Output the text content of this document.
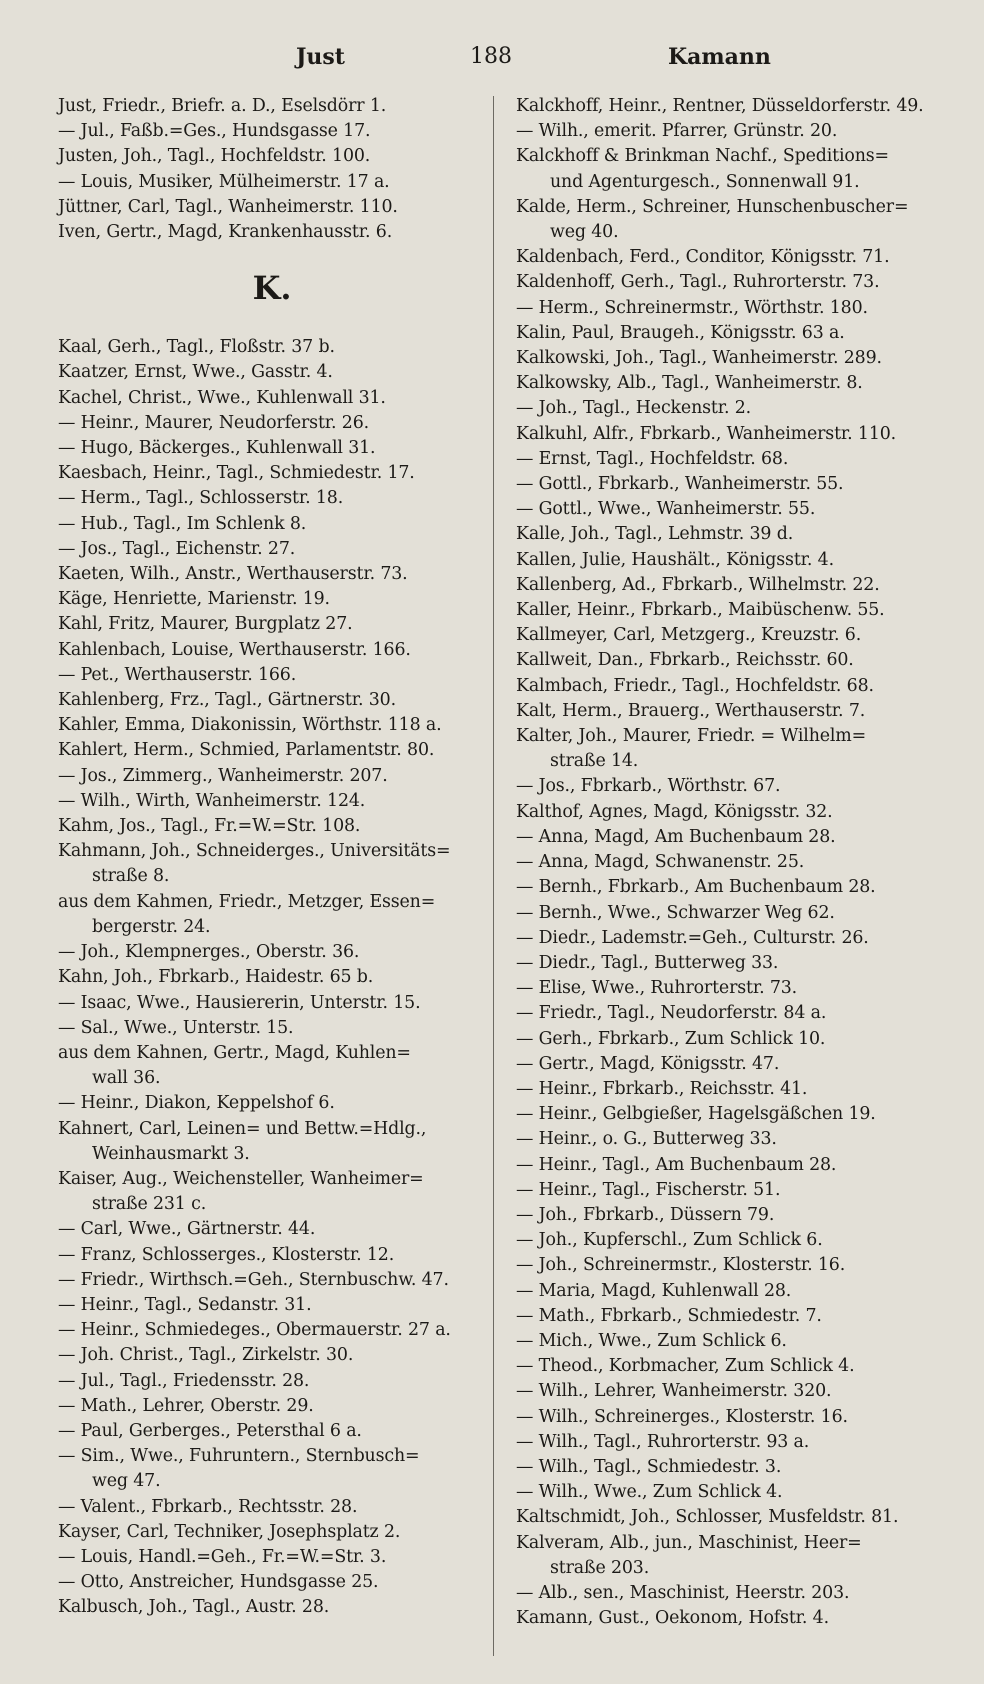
Just	188	Kamann
Just, Friedr., Briefr. a. D., Eselsdörr 1.
— Jul., Faßb.=Ges., Hundsgasse 17.
Justen, Joh., Tagl., Hochfeldstr. 100.
— Louis, Musiker, Mülheimerstr. 17 a.
Jüttner, Carl, Tagl., Wanheimerstr. 110.
Iven, Gertr., Magd, Krankenhausstr. 6.
K.
Kaal, Gerh., Tagl., Floßstr. 37 b.
Kaatzer, Ernst, Wwe., Gasstr. 4.
Kachel, Christ., Wwe., Kuhlenwall 31.
— Heinr., Maurer, Neudorferstr. 26.
— Hugo, Bäckerges., Kuhlenwall 31.
Kaesbach, Heinr., Tagl., Schmiedestr. 17.
— Herm., Tagl., Schlosserstr. 18.
— Hub., Tagl., Im Schlenk 8.
— Jos., Tagl., Eichenstr. 27.
Kaeten, Wilh., Anstr., Werthauserstr. 73.
Käge, Henriette, Marienstr. 19.
Kahl, Fritz, Maurer, Burgplatz 27.
Kahlenbach, Louise, Werthauserstr. 166.
— Pet., Werthauserstr. 166.
Kahlenberg, Frz., Tagl., Gärtnerstr. 30.
Kahler, Emma, Diakonissin, Wörthstr. 118 a.
Kahlert, Herm., Schmied, Parlamentstr. 80.
— Jos., Zimmerg., Wanheimerstr. 207.
— Wilh., Wirth, Wanheimerstr. 124.
Kahm, Jos., Tagl., Fr.=W.=Str. 108.
Kahmann, Joh., Schneiderges., Universitäts=
straße 8.
aus dem Kahmen, Friedr., Metzger, Essen=
bergerstr. 24.
— Joh., Klempnerges., Oberstr. 36.
Kahn, Joh., Fbrkarb., Haidestr. 65 b.
— Isaac, Wwe., Hausiererin, Unterstr. 15.
— Sal., Wwe., Unterstr. 15.
aus dem Kahnen, Gertr., Magd, Kuhlen=
wall 36.
— Heinr., Diakon, Keppelshof 6.
Kahnert, Carl, Leinen= und Bettw.=Hdlg.,
Weinhausmarkt 3.
Kaiser, Aug., Weichensteller, Wanheimer=
straße 231 c.
— Carl, Wwe., Gärtnerstr. 44.
— Franz, Schlosserges., Klosterstr. 12.
— Friedr., Wirthsch.=Geh., Sternbuschw. 47.
— Heinr., Tagl., Sedanstr. 31.
— Heinr., Schmiedeges., Obermauerstr. 27 a.
— Joh. Christ., Tagl., Zirkelstr. 30.
— Jul., Tagl., Friedensstr. 28.
— Math., Lehrer, Oberstr. 29.
— Paul, Gerberges., Petersthal 6 a.
— Sim., Wwe., Fuhruntern., Sternbusch=
weg 47.
— Valent., Fbrkarb., Rechtsstr. 28.
Kayser, Carl, Techniker, Josephsplatz 2.
— Louis, Handl.=Geh., Fr.=W.=Str. 3.
— Otto, Anstreicher, Hundsgasse 25.
Kalbusch, Joh., Tagl., Austr. 28.
Kalckhoff, Heinr., Rentner, Düsseldorferstr. 49.
— Wilh., emerit. Pfarrer, Grünstr. 20.
Kalckhoff & Brinkman Nachf., Speditions=
und Agenturgesch., Sonnenwall 91.
Kalde, Herm., Schreiner, Hunschenbuscher=
weg 40.
Kaldenbach, Ferd., Conditor, Königsstr. 71.
Kaldenhoff, Gerh., Tagl., Ruhrorterstr. 73.
— Herm., Schreinermstr., Wörthstr. 180.
Kalin, Paul, Braugeh., Königsstr. 63 a.
Kalkowski, Joh., Tagl., Wanheimerstr. 289.
Kalkowsky, Alb., Tagl., Wanheimerstr. 8.
— Joh., Tagl., Heckenstr. 2.
Kalkuhl, Alfr., Fbrkarb., Wanheimerstr. 110.
— Ernst, Tagl., Hochfeldstr. 68.
— Gottl., Fbrkarb., Wanheimerstr. 55.
— Gottl., Wwe., Wanheimerstr. 55.
Kalle, Joh., Tagl., Lehmstr. 39 d.
Kallen, Julie, Haushält., Königsstr. 4.
Kallenberg, Ad., Fbrkarb., Wilhelmstr. 22.
Kaller, Heinr., Fbrkarb., Maibüschenw. 55.
Kallmeyer, Carl, Metzgerg., Kreuzstr. 6.
Kallweit, Dan., Fbrkarb., Reichsstr. 60.
Kalmbach, Friedr., Tagl., Hochfeldstr. 68.
Kalt, Herm., Brauerg., Werthauserstr. 7.
Kalter, Joh., Maurer, Friedr. = Wilhelm=
straße 14.
— Jos., Fbrkarb., Wörthstr. 67.
Kalthof, Agnes, Magd, Königsstr. 32.
— Anna, Magd, Am Buchenbaum 28.
— Anna, Magd, Schwanenstr. 25.
— Bernh., Fbrkarb., Am Buchenbaum 28.
— Bernh., Wwe., Schwarzer Weg 62.
— Diedr., Lademstr.=Geh., Culturstr. 26.
— Diedr., Tagl., Butterweg 33.
— Elise, Wwe., Ruhrorterstr. 73.
— Friedr., Tagl., Neudorferstr. 84 a.
— Gerh., Fbrkarb., Zum Schlick 10.
— Gertr., Magd, Königsstr. 47.
— Heinr., Fbrkarb., Reichsstr. 41.
— Heinr., Gelbgießer, Hagelsgäßchen 19.
— Heinr., o. G., Butterweg 33.
— Heinr., Tagl., Am Buchenbaum 28.
— Heinr., Tagl., Fischerstr. 51.
— Joh., Fbrkarb., Düssern 79.
— Joh., Kupferschl., Zum Schlick 6.
— Joh., Schreinermstr., Klosterstr. 16.
— Maria, Magd, Kuhlenwall 28.
— Math., Fbrkarb., Schmiedestr. 7.
— Mich., Wwe., Zum Schlick 6.
— Theod., Korbmacher, Zum Schlick 4.
— Wilh., Lehrer, Wanheimerstr. 320.
— Wilh., Schreinerges., Klosterstr. 16.
— Wilh., Tagl., Ruhrorterstr. 93 a.
— Wilh., Tagl., Schmiedestr. 3.
— Wilh., Wwe., Zum Schlick 4.
Kaltschmidt, Joh., Schlosser, Musfeldstr. 81.
Kalveram, Alb., jun., Maschinist, Heer=
straße 203.
— Alb., sen., Maschinist, Heerstr. 203.
Kamann, Gust., Oekonom, Hofstr. 4.
